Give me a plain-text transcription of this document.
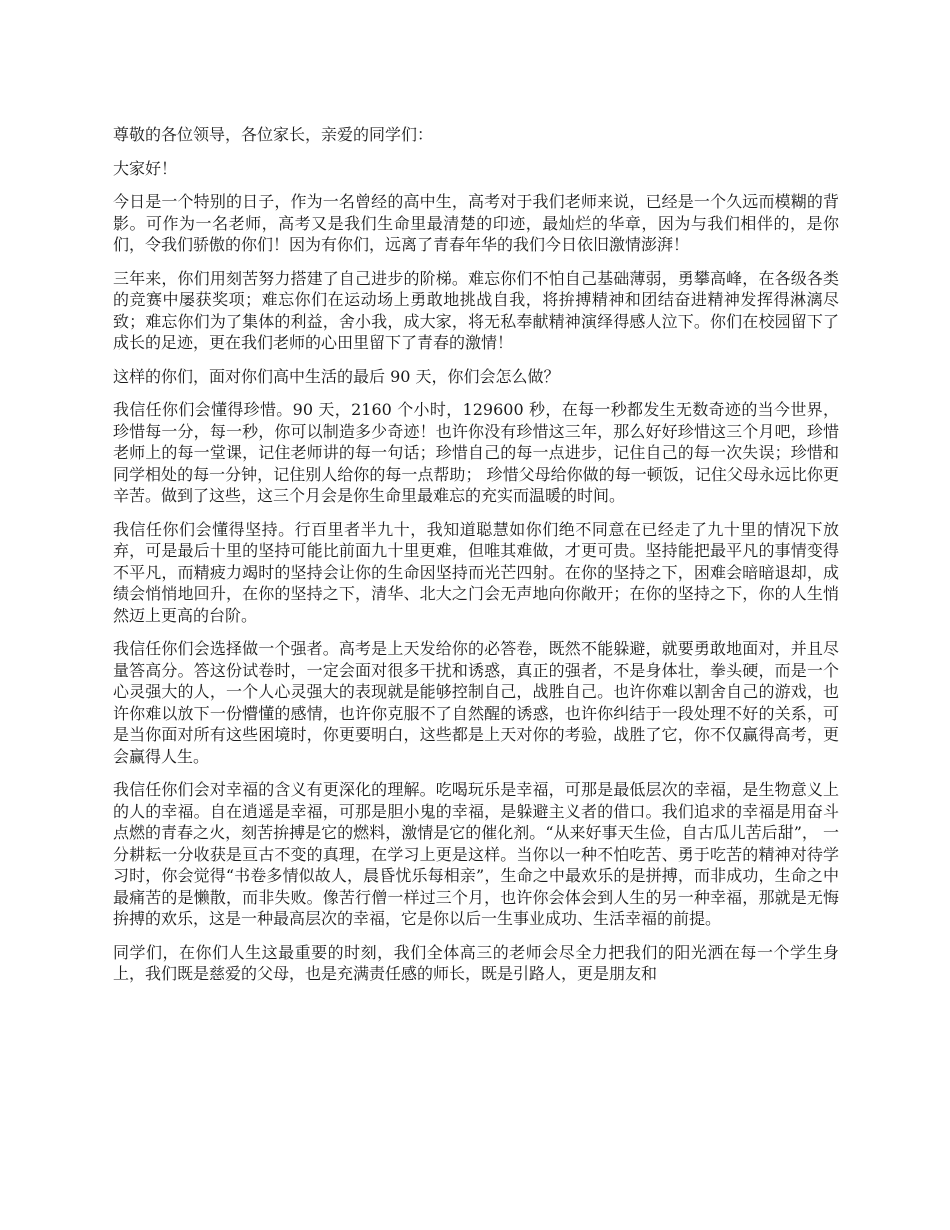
尊敬的各位领导，各位家长，亲爱的同学们：

大家好！

今日是一个特别的日子，作为一名曾经的高中生，高考对于我们老师来说，已经是一个久远而模糊的背影。可作为一名老师，高考又是我们生命里最清楚的印迹，最灿烂的华章，因为与我们相伴的，是你们，令我们骄傲的你们！因为有你们，远离了青春年华的我们今日依旧激情澎湃！

三年来，你们用刻苦努力搭建了自己进步的阶梯。难忘你们不怕自己基础薄弱，勇攀高峰，在各级各类的竞赛中屡获奖项；难忘你们在运动场上勇敢地挑战自我，将拚搏精神和团结奋进精神发挥得淋漓尽致；难忘你们为了集体的利益，舍小我，成大家，将无私奉献精神演绎得感人泣下。你们在校园留下了成长的足迹，更在我们老师的心田里留下了青春的激情！

这样的你们，面对你们高中生活的最后 90 天，你们会怎么做？

我信任你们会懂得珍惜。90 天，2160 个小时，129600 秒，在每一秒都发生无数奇迹的当今世界，珍惜每一分，每一秒，你可以制造多少奇迹！也许你没有珍惜这三年，那么好好珍惜这三个月吧，珍惜老师上的每一堂课，记住老师讲的每一句话；珍惜自己的每一点进步，记住自己的每一次失误；珍惜和同学相处的每一分钟，记住别人给你的每一点帮助； 珍惜父母给你做的每一顿饭，记住父母永远比你更辛苦。做到了这些，这三个月会是你生命里最难忘的充实而温暖的时间。

我信任你们会懂得坚持。行百里者半九十，我知道聪慧如你们绝不同意在已经走了九十里的情况下放弃，可是最后十里的坚持可能比前面九十里更难，但唯其难做，才更可贵。坚持能把最平凡的事情变得不平凡，而精疲力竭时的坚持会让你的生命因坚持而光芒四射。在你的坚持之下，困难会暗暗退却，成绩会悄悄地回升，在你的坚持之下，清华、北大之门会无声地向你敞开；在你的坚持之下，你的人生悄然迈上更高的台阶。

我信任你们会选择做一个强者。高考是上天发给你的必答卷，既然不能躲避，就要勇敢地面对，并且尽量答高分。答这份试卷时，一定会面对很多干扰和诱惑，真正的强者，不是身体壮，拳头硬，而是一个心灵强大的人，一个人心灵强大的表现就是能够控制自己，战胜自己。也许你难以割舍自己的游戏，也许你难以放下一份懵懂的感情，也许你克服不了自然醒的诱惑，也许你纠结于一段处理不好的关系，可是当你面对所有这些困境时，你更要明白，这些都是上天对你的考验，战胜了它，你不仅赢得高考，更会赢得人生。

我信任你们会对幸福的含义有更深化的理解。吃喝玩乐是幸福，可那是最低层次的幸福，是生物意义上的人的幸福。自在逍遥是幸福，可那是胆小鬼的幸福，是躲避主义者的借口。我们追求的幸福是用奋斗点燃的青春之火，刻苦拚搏是它的燃料，激情是它的催化剂。“从来好事天生俭，自古瓜儿苦后甜”， 一分耕耘一分收获是亘古不变的真理，在学习上更是这样。当你以一种不怕吃苦、勇于吃苦的精神对待学习时，你会觉得“书卷多情似故人，晨昏忧乐每相亲”，生命之中最欢乐的是拼搏，而非成功，生命之中最痛苦的是懒散，而非失败。像苦行僧一样过三个月，也许你会体会到人生的另一种幸福，那就是无悔拚搏的欢乐，这是一种最高层次的幸福，它是你以后一生事业成功、生活幸福的前提。

同学们，在你们人生这最重要的时刻，我们全体高三的老师会尽全力把我们的阳光洒在每一个学生身上，我们既是慈爱的父母，也是充满责任感的师长，既是引路人，更是朋友和
